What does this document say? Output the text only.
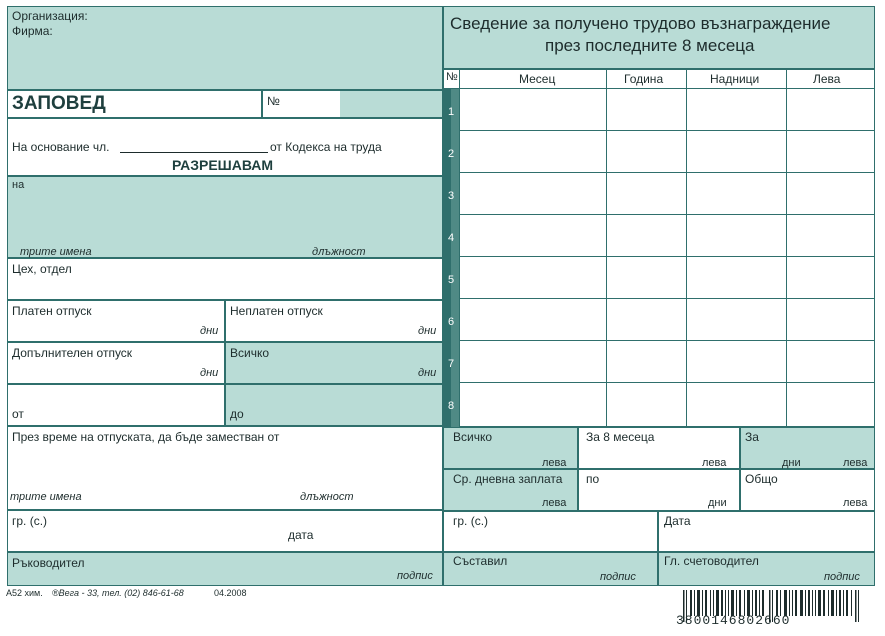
Организация:
Фирма:
ЗАПОВЕД	№
На основание чл.	от Кодекса на труда
РАЗРЕШАВАМ
на
трите имена	длъжност
Цех, отдел
Платен отпуск
дни
Неплатен отпуск
дни
Допълнителен отпуск
дни
Всичко
дни
от	до
През време на отпуската, да бъде заместван от
трите имена	длъжност
гр. (с.)
дата
Ръководител
подпис
А52 хим. ®Вега - 33, тел. (02) 846-61-68	04.2008
Сведение за получено трудово възнаграждение
през последните 8 месеца
№	Месец	Година	Надници	Лева
1
2
3
4
5
6
7
8
Всичко
лева
За 8 месеца
лева
За
дни	лева
Ср. дневна заплата
лева
по
дни
Общо
лева
гр. (с.)	Дата
Съставил
подпис
Гл. счетоводител
подпис
3800146802660
